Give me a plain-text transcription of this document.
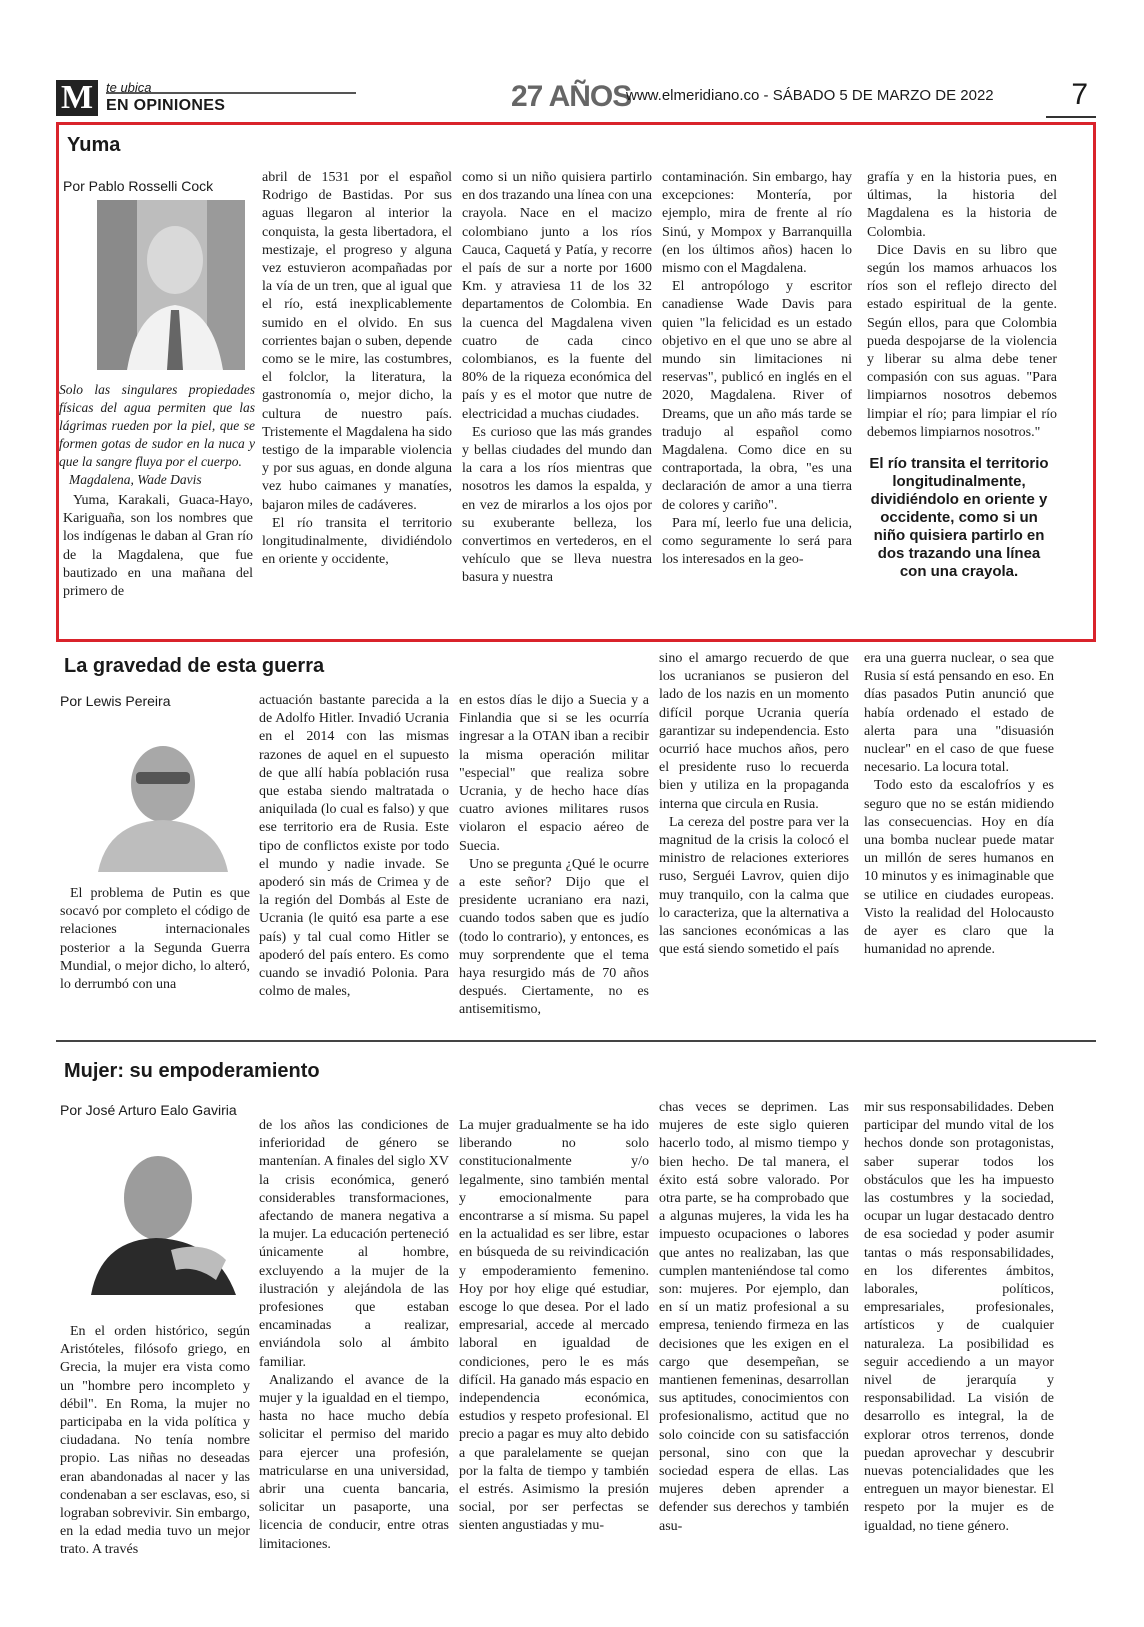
M te ubica
EN OPINIONES	27 AÑOS
www.elmeridiano.co - SÁBADO 5 DE MARZO DE 2022	7
Yuma
Por Pablo Rosselli Cock
Solo las singulares propiedades físicas del agua permiten que las lágrimas rueden por la piel, que se formen gotas de sudor en la nuca y que la sangre fluya por el cuerpo.
Magdalena, Wade Davis

Yuma, Karakali, Guaca-Hayo, Kariguaña, son los nombres que los indígenas le daban al Gran río de la Magdalena, que fue bautizado en una mañana del primero de

abril de 1531 por el español Rodrigo de Bastidas. Por sus aguas llegaron al interior la conquista, la gesta libertadora, el mestizaje, el progreso y alguna vez estuvieron acompañadas por la vía de un tren, que al igual que el río, está inexplicablemente sumido en el olvido. En sus corrientes bajan o suben, depende como se le mire, las costumbres, el folclor, la literatura, la gastronomía o, mejor dicho, la cultura de nuestro país. Tristemente el Magdalena ha sido testigo de la imparable violencia y por sus aguas, en donde alguna vez hubo caimanes y manatíes, bajaron miles de cadáveres.

El río transita el territorio longitudinalmente, dividiéndolo en oriente y occidente,

como si un niño quisiera partirlo en dos trazando una línea con una crayola. Nace en el macizo colombiano junto a los ríos Cauca, Caquetá y Patía, y recorre el país de sur a norte por 1600 Km. y atraviesa 11 de los 32 departamentos de Colombia. En la cuenca del Magdalena viven cuatro de cada cinco colombianos, es la fuente del 80% de la riqueza económica del país y es el motor que nutre de electricidad a muchas ciudades.

Es curioso que las más grandes y bellas ciudades del mundo dan la cara a los ríos mientras que nosotros les damos la espalda, y en vez de mirarlos a los ojos por su exuberante belleza, los convertimos en vertederos, en el vehículo que se lleva nuestra basura y nuestra

contaminación. Sin embargo, hay excepciones: Montería, por ejemplo, mira de frente al río Sinú, y Mompox y Barranquilla (en los últimos años) hacen lo mismo con el Magdalena.

El antropólogo y escritor canadiense Wade Davis para quien "la felicidad es un estado objetivo en el que uno se abre al mundo sin limitaciones ni reservas", publicó en inglés en el 2020, Magdalena. River of Dreams, que un año más tarde se tradujo al español como Magdalena. Como dice en su contraportada, la obra, "es una declaración de amor a una tierra de colores y cariño".

Para mí, leerlo fue una delicia, como seguramente lo será para los interesados en la geo-

grafía y en la historia pues, en últimas, la historia del Magdalena es la historia de Colombia.

Dice Davis en su libro que según los mamos arhuacos los ríos son el reflejo directo del estado espiritual de la gente. Según ellos, para que Colombia pueda despojarse de la violencia y liberar su alma debe tener compasión con sus aguas. "Para limpiarnos nosotros debemos limpiar el río; para limpiar el río debemos limpiarnos nosotros."

El río transita el territorio longitudinalmente, dividiéndolo en oriente y occidente, como si un niño quisiera partirlo en dos trazando una línea con una crayola.
La gravedad de esta guerra
Por Lewis Pereira

El problema de Putin es que socavó por completo el código de relaciones internacionales posterior a la Segunda Guerra Mundial, o mejor dicho, lo alteró, lo derrumbó con una

actuación bastante parecida a la de Adolfo Hitler. Invadió Ucrania en el 2014 con las mismas razones de aquel en el supuesto de que allí había población rusa que estaba siendo maltratada o aniquilada (lo cual es falso) y que ese territorio era de Rusia. Este tipo de conflictos existe por todo el mundo y nadie invade. Se apoderó sin más de Crimea y de la región del Dombás al Este de Ucrania (le quitó esa parte a ese país) y tal cual como Hitler se apoderó del país entero. Es como cuando se invadió Polonia. Para colmo de males,

en estos días le dijo a Suecia y a Finlandia que si se les ocurría ingresar a la OTAN iban a recibir la misma operación militar "especial" que realiza sobre Ucrania, y de hecho hace días cuatro aviones militares rusos violaron el espacio aéreo de Suecia.

Uno se pregunta ¿Qué le ocurre a este señor? Dijo que el presidente ucraniano era nazi, cuando todos saben que es judío (todo lo contrario), y entonces, es muy sorprendente que el tema haya resurgido más de 70 años después. Ciertamente, no es antisemitismo,

sino el amargo recuerdo de que los ucranianos se pusieron del lado de los nazis en un momento difícil porque Ucrania quería garantizar su independencia. Esto ocurrió hace muchos años, pero el presidente ruso lo recuerda bien y utiliza en la propaganda interna que circula en Rusia.

La cereza del postre para ver la magnitud de la crisis la colocó el ministro de relaciones exteriores ruso, Serguéi Lavrov, quien dijo muy tranquilo, con la calma que lo caracteriza, que la alternativa a las sanciones económicas a las que está siendo sometido el país

era una guerra nuclear, o sea que Rusia sí está pensando en eso. En días pasados Putin anunció que había ordenado el estado de alerta para una "disuasión nuclear" en el caso de que fuese necesario. La locura total.

Todo esto da escalofríos y es seguro que no se están midiendo las consecuencias. Hoy en día una bomba nuclear puede matar un millón de seres humanos en 10 minutos y es inimaginable que se utilice en ciudades europeas. Visto la realidad del Holocausto de ayer es claro que la humanidad no aprende.

Mujer: su empoderamiento
Por José Arturo Ealo Gaviria

En el orden histórico, según Aristóteles, filósofo griego, en Grecia, la mujer era vista como un "hombre pero incompleto y débil". En Roma, la mujer no participaba en la vida política y ciudadana. No tenía nombre propio. Las niñas no deseadas eran abandonadas al nacer y las condenaban a ser esclavas, eso, si lograban sobrevivir. Sin embargo, en la edad media tuvo un mejor trato. A través

de los años las condiciones de inferioridad de género se mantenían. A finales del siglo XV la crisis económica, generó considerables transformaciones, afectando de manera negativa a la mujer. La educación perteneció únicamente al hombre, excluyendo a la mujer de la ilustración y alejándola de las profesiones que estaban encaminadas a realizar, enviándola solo al ámbito familiar.

Analizando el avance de la mujer y la igualdad en el tiempo, hasta no hace mucho debía solicitar el permiso del marido para ejercer una profesión, matricularse en una universidad, abrir una cuenta bancaria, solicitar un pasaporte, una licencia de conducir, entre otras limitaciones.

La mujer gradualmente se ha ido liberando no solo constitucionalmente y/o legalmente, sino también mental y emocionalmente para encontrarse a sí misma. Su papel en la actualidad es ser libre, estar en búsqueda de su reivindicación y empoderamiento femenino. Hoy por hoy elige qué estudiar, escoge lo que desea. Por el lado empresarial, accede al mercado laboral en igualdad de condiciones, pero le es más difícil. Ha ganado más espacio en independencia económica, estudios y respeto profesional. El precio a pagar es muy alto debido a que paralelamente se quejan por la falta de tiempo y también el estrés. Asimismo la presión social, por ser perfectas se sienten angustiadas y mu-

chas veces se deprimen. Las mujeres de este siglo quieren hacerlo todo, al mismo tiempo y bien hecho. De tal manera, el éxito está sobre valorado. Por otra parte, se ha comprobado que a algunas mujeres, la vida les ha impuesto ocupaciones o labores que antes no realizaban, las que cumplen manteniéndose tal como son: mujeres. Por ejemplo, dan en sí un matiz profesional a su empresa, teniendo firmeza en las decisiones que les exigen en el cargo que desempeñan, se mantienen femeninas, desarrollan sus aptitudes, conocimientos con profesionalismo, actitud que no solo coincide con su satisfacción personal, sino con que la sociedad espera de ellas. Las mujeres deben aprender a defender sus derechos y también asu-

mir sus responsabilidades. Deben participar del mundo vital de los hechos donde son protagonistas, saber superar todos los obstáculos que les ha impuesto las costumbres y la sociedad, ocupar un lugar destacado dentro de esa sociedad y poder asumir tantas o más responsabilidades, en los diferentes ámbitos, laborales, políticos, empresariales, profesionales, artísticos y de cualquier naturaleza. La posibilidad es seguir accediendo a un mayor nivel de jerarquía y responsabilidad. La visión de desarrollo es integral, la de explorar otros terrenos, donde puedan aprovechar y descubrir nuevas potencialidades que les entreguen un mayor bienestar. El respeto por la mujer es de igualdad, no tiene género.
